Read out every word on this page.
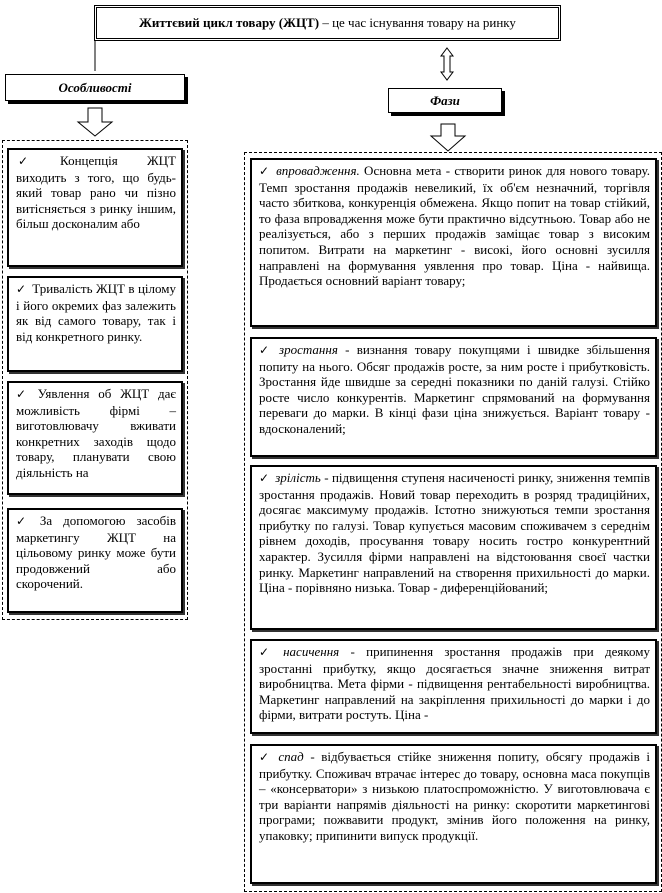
Життєвий цикл товару (ЖЦТ) – це час існування товару на ринку
Особливості
Фази
✓ Концепція ЖЦТ виходить з того, що будь-який товар рано чи пізно витісняється з ринку іншим, більш досконалим або
✓ Тривалість ЖЦТ в цілому і його окремих фаз залежить як від самого товару, так і від конкретного ринку.
✓ Уявлення об ЖЦТ дає можливість фірмі – виготовлювачу вживати конкретних заходів щодо товару, планувати свою діяльність на
✓ За допомогою засобів маркетингу ЖЦТ на цільовому ринку може бути продовжений або скорочений.
✓ впровадження. Основна мета - створити ринок для нового товару. Темп зростання продажів невеликий, їх об'єм незначний, торгівля часто збиткова, конкуренція обмежена. Якщо попит на товар стійкий, то фаза впровадження може бути практично відсутньою. Товар або не реалізується, або з перших продажів заміщає товар з високим попитом. Витрати на маркетинг - високі, його основні зусилля направлені на формування уявлення про товар. Ціна - найвища. Продається основний варіант товару;
✓ зростання - визнання товару покупцями і швидке збільшення попиту на нього. Обсяг продажів росте, за ним росте і прибутковість. Зростання йде швидше за середні показники по даній галузі. Стійко росте число конкурентів. Маркетинг спрямований на формування переваги до марки. В кінці фази ціна знижується. Варіант товару - вдосконалений;
✓ зрілість - підвищення ступеня насиченості ринку, зниження темпів зростання продажів. Новий товар переходить в розряд традиційних, досягає максимуму продажів. Істотно знижуються темпи зростання прибутку по галузі. Товар купується масовим споживачем з середнім рівнем доходів, просування товару носить гостро конкурентний характер. Зусилля фірми направлені на відстоювання своєї частки ринку. Маркетинг направлений на створення прихильності до марки. Ціна - порівняно низька. Товар - диференційований;
✓ насичення - припинення зростання продажів при деякому зростанні прибутку, якщо досягається значне зниження витрат виробництва. Мета фірми - підвищення рентабельності виробництва. Маркетинг направлений на закріплення прихильності до марки і до фірми, витрати ростуть. Ціна -
✓ спад - відбувається стійке зниження попиту, обсягу продажів і прибутку. Споживач втрачає інтерес до товару, основна маса покупців – «консерватори» з низькою платоспроможністю. У виготовлювача є три варіанти напрямів діяльності на ринку: скоротити маркетингові програми; пожвавити продукт, змінив його положення на ринку, упаковку; припинити випуск продукції.
